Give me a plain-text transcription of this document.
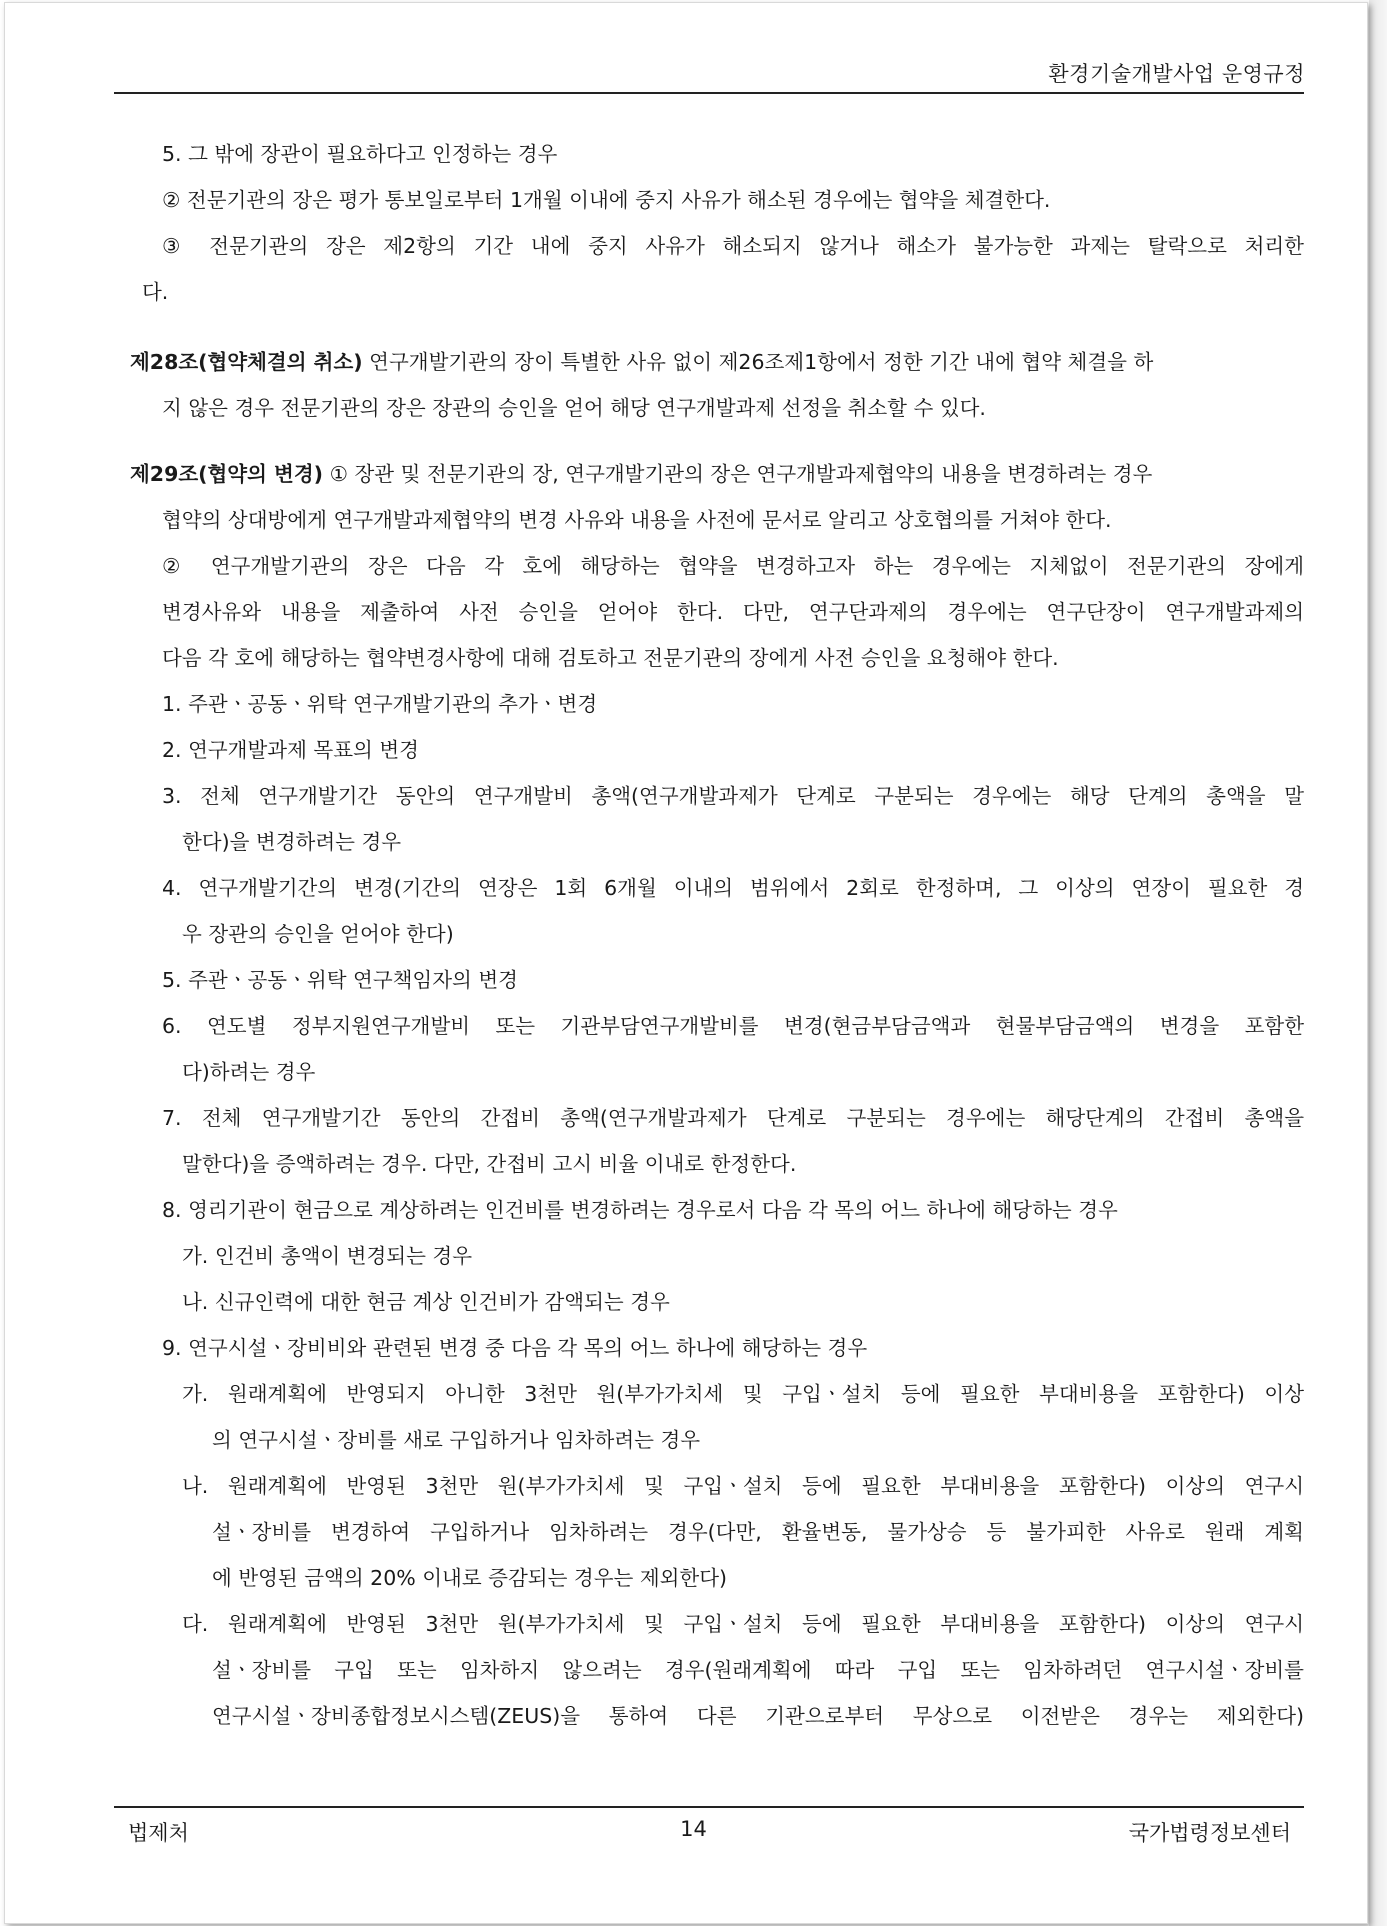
환경기술개발사업 운영규정
5. 그 밖에 장관이 필요하다고 인정하는 경우
② 전문기관의 장은 평가 통보일로부터 1개월 이내에 중지 사유가 해소된 경우에는 협약을 체결한다.
③ 전문기관의 장은 제2항의 기간 내에 중지 사유가 해소되지 않거나 해소가 불가능한 과제는 탈락으로 처리한
다.
제28조(협약체결의 취소) 연구개발기관의 장이 특별한 사유 없이 제26조제1항에서 정한 기간 내에 협약 체결을 하
지 않은 경우 전문기관의 장은 장관의 승인을 얻어 해당 연구개발과제 선정을 취소할 수 있다.
제29조(협약의 변경) ① 장관 및 전문기관의 장, 연구개발기관의 장은 연구개발과제협약의 내용을 변경하려는 경우
협약의 상대방에게 연구개발과제협약의 변경 사유와 내용을 사전에 문서로 알리고 상호협의를 거쳐야 한다.
② 연구개발기관의 장은 다음 각 호에 해당하는 협약을 변경하고자 하는 경우에는 지체없이 전문기관의 장에게
변경사유와 내용을 제출하여 사전 승인을 얻어야 한다. 다만, 연구단과제의 경우에는 연구단장이 연구개발과제의
다음 각 호에 해당하는 협약변경사항에 대해 검토하고 전문기관의 장에게 사전 승인을 요청해야 한다.
1. 주관ㆍ공동ㆍ위탁 연구개발기관의 추가ㆍ변경
2. 연구개발과제 목표의 변경
3. 전체 연구개발기간 동안의 연구개발비 총액(연구개발과제가 단계로 구분되는 경우에는 해당 단계의 총액을 말
한다)을 변경하려는 경우
4. 연구개발기간의 변경(기간의 연장은 1회 6개월 이내의 범위에서 2회로 한정하며, 그 이상의 연장이 필요한 경
우 장관의 승인을 얻어야 한다)
5. 주관ㆍ공동ㆍ위탁 연구책임자의 변경
6. 연도별 정부지원연구개발비 또는 기관부담연구개발비를 변경(현금부담금액과 현물부담금액의 변경을 포함한
다)하려는 경우
7. 전체 연구개발기간 동안의 간접비 총액(연구개발과제가 단계로 구분되는 경우에는 해당단계의 간접비 총액을
말한다)을 증액하려는 경우. 다만, 간접비 고시 비율 이내로 한정한다.
8. 영리기관이 현금으로 계상하려는 인건비를 변경하려는 경우로서 다음 각 목의 어느 하나에 해당하는 경우
가. 인건비 총액이 변경되는 경우
나. 신규인력에 대한 현금 계상 인건비가 감액되는 경우
9. 연구시설ㆍ장비비와 관련된 변경 중 다음 각 목의 어느 하나에 해당하는 경우
가. 원래계획에 반영되지 아니한 3천만 원(부가가치세 및 구입ㆍ설치 등에 필요한 부대비용을 포함한다) 이상
의 연구시설ㆍ장비를 새로 구입하거나 임차하려는 경우
나. 원래계획에 반영된 3천만 원(부가가치세 및 구입ㆍ설치 등에 필요한 부대비용을 포함한다) 이상의 연구시
설ㆍ장비를 변경하여 구입하거나 임차하려는 경우(다만, 환율변동, 물가상승 등 불가피한 사유로 원래 계획
에 반영된 금액의 20% 이내로 증감되는 경우는 제외한다)
다. 원래계획에 반영된 3천만 원(부가가치세 및 구입ㆍ설치 등에 필요한 부대비용을 포함한다) 이상의 연구시
설ㆍ장비를 구입 또는 임차하지 않으려는 경우(원래계획에 따라 구입 또는 임차하려던 연구시설ㆍ장비를
연구시설ㆍ장비종합정보시스템(ZEUS)을 통하여 다른 기관으로부터 무상으로 이전받은 경우는 제외한다)
법제처	14	국가법령정보센터
